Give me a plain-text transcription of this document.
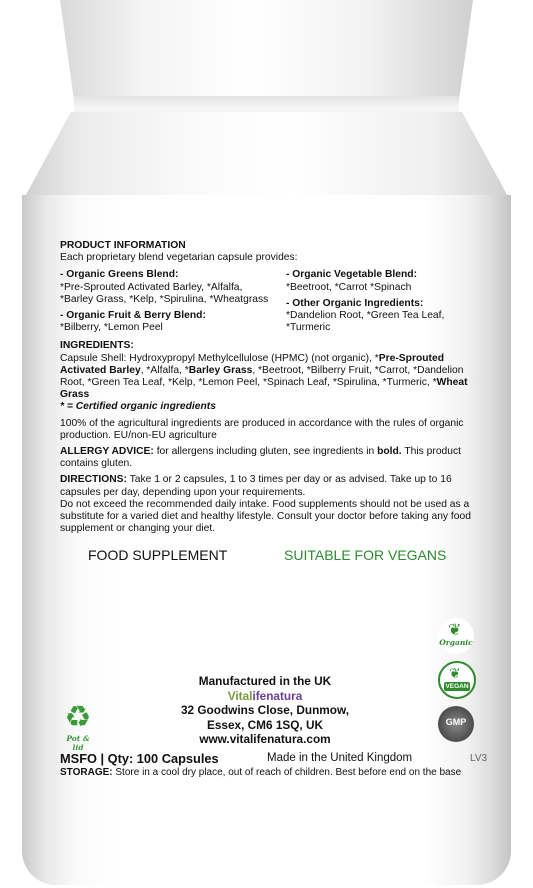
PRODUCT INFORMATION

Each proprietary blend vegetarian capsule provides:

- Organic Greens Blend:

*Pre-Sprouted Activated Barley, *Alfalfa, *Barley Grass, *Kelp, *Spirulina, *Wheatgrass

- Organic Fruit & Berry Blend:

*Bilberry, *Lemon Peel

- Organic Vegetable Blend:

*Beetroot, *Carrot *Spinach

- Other Organic Ingredients:

*Dandelion Root, *Green Tea Leaf, *Turmeric

INGREDIENTS:

Capsule Shell: Hydroxypropyl Methylcellulose (HPMC) (not organic), *Pre-Sprouted Activated Barley, *Alfalfa, *Barley Grass, *Beetroot, *Bilberry Fruit, *Carrot, *Dandelion Root, *Green Tea Leaf, *Kelp, *Lemon Peel, *Spinach Leaf, *Spirulina, *Turmeric, *Wheat Grass

* = Certified organic ingredients

100% of the agricultural ingredients are produced in accordance with the rules of organic production. EU/non-EU agriculture

ALLERGY ADVICE: for allergens including gluten, see ingredients in bold. This product contains gluten.

DIRECTIONS: Take 1 or 2 capsules, 1 to 3 times per day or as advised. Take up to 16 capsules per day, depending upon your requirements.

Do not exceed the recommended daily intake. Food supplements should not be used as a substitute for a varied diet and healthy lifestyle. Consult your doctor before taking any food supplement or changing your diet.

FOOD SUPPLEMENT	SUITABLE FOR VEGANS
❦
Organic
❦
VEGAN
GMP
Manufactured in the UK
Vitalifenatura
32 Goodwins Close, Dunmow,
Essex, CM6 1SQ, UK
www.vitalifenatura.com
♻
Pot & lid
MSFO | Qty: 100 Capsules	Made in the United Kingdom	LV3
STORAGE: Store in a cool dry place, out of reach of children. Best before end on the base
